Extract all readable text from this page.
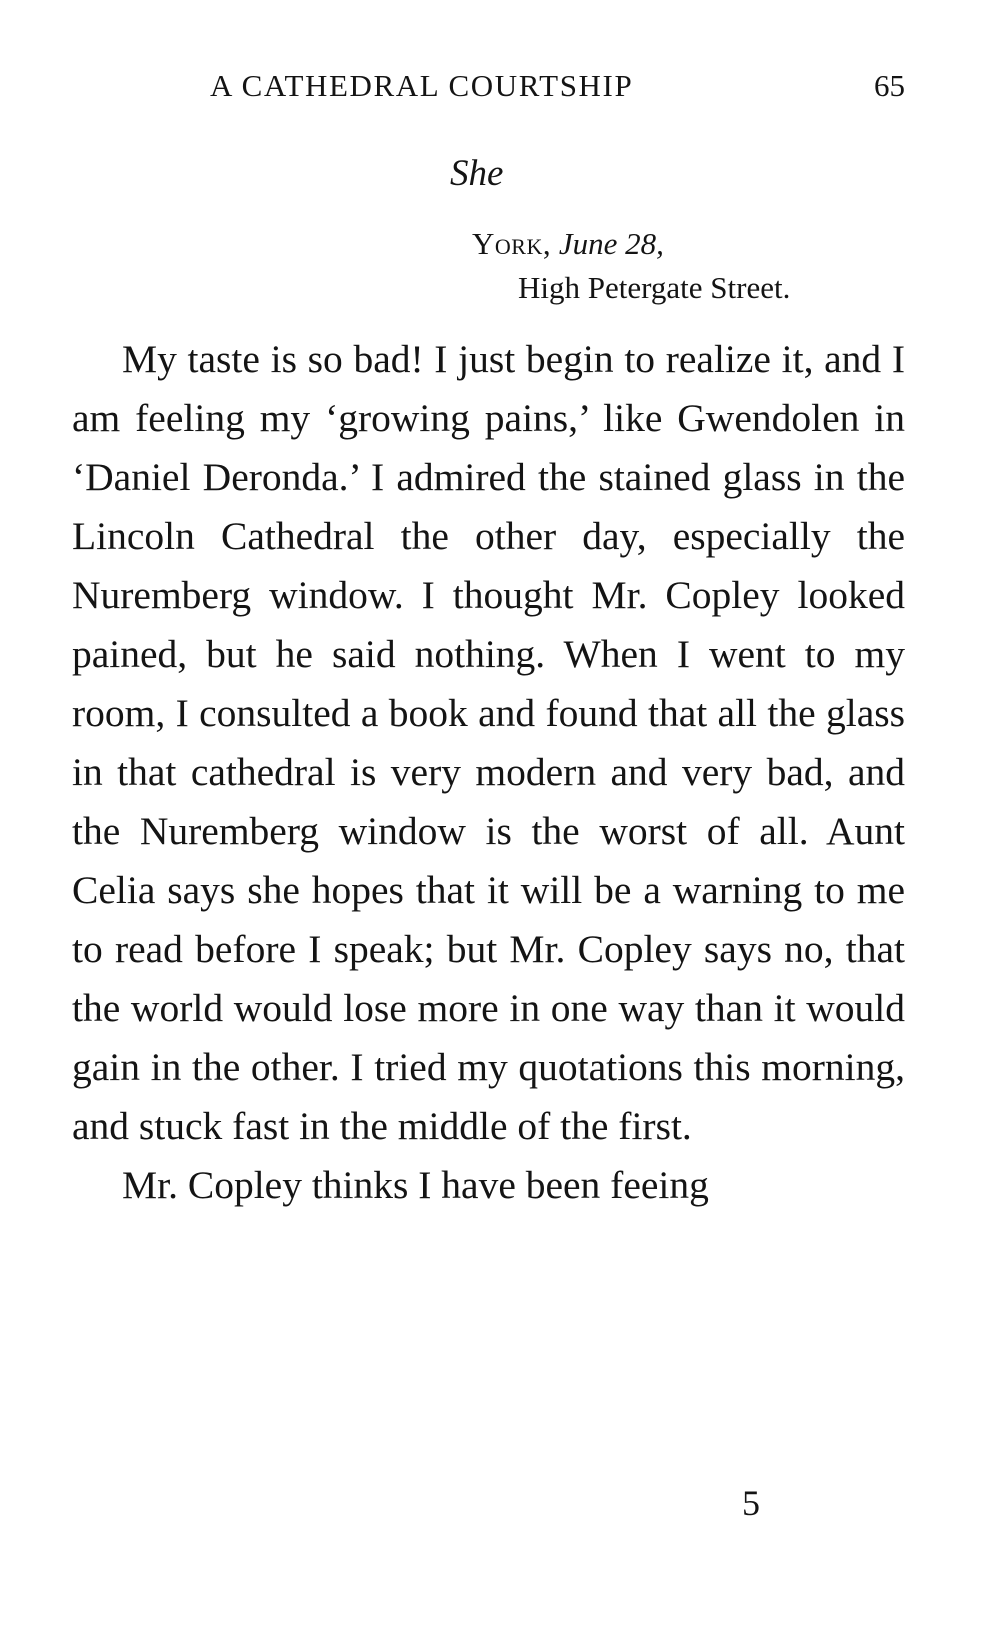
A CATHEDRAL COURTSHIP	65
She
York, June 28,
High Petergate Street.

My taste is so bad! I just begin to realize it, and I am feeling my ‘growing pains,’ like Gwendolen in ‘Daniel Deronda.’ I admired the stained glass in the Lincoln Cathedral the other day, especially the Nuremberg window. I thought Mr. Copley looked pained, but he said nothing. When I went to my room, I consulted a book and found that all the glass in that cathedral is very modern and very bad, and the Nuremberg window is the worst of all. Aunt Celia says she hopes that it will be a warning to me to read before I speak; but Mr. Copley says no, that the world would lose more in one way than it would gain in the other. I tried my quotations this morning, and stuck fast in the middle of the first.

Mr. Copley thinks I have been feeing

5
